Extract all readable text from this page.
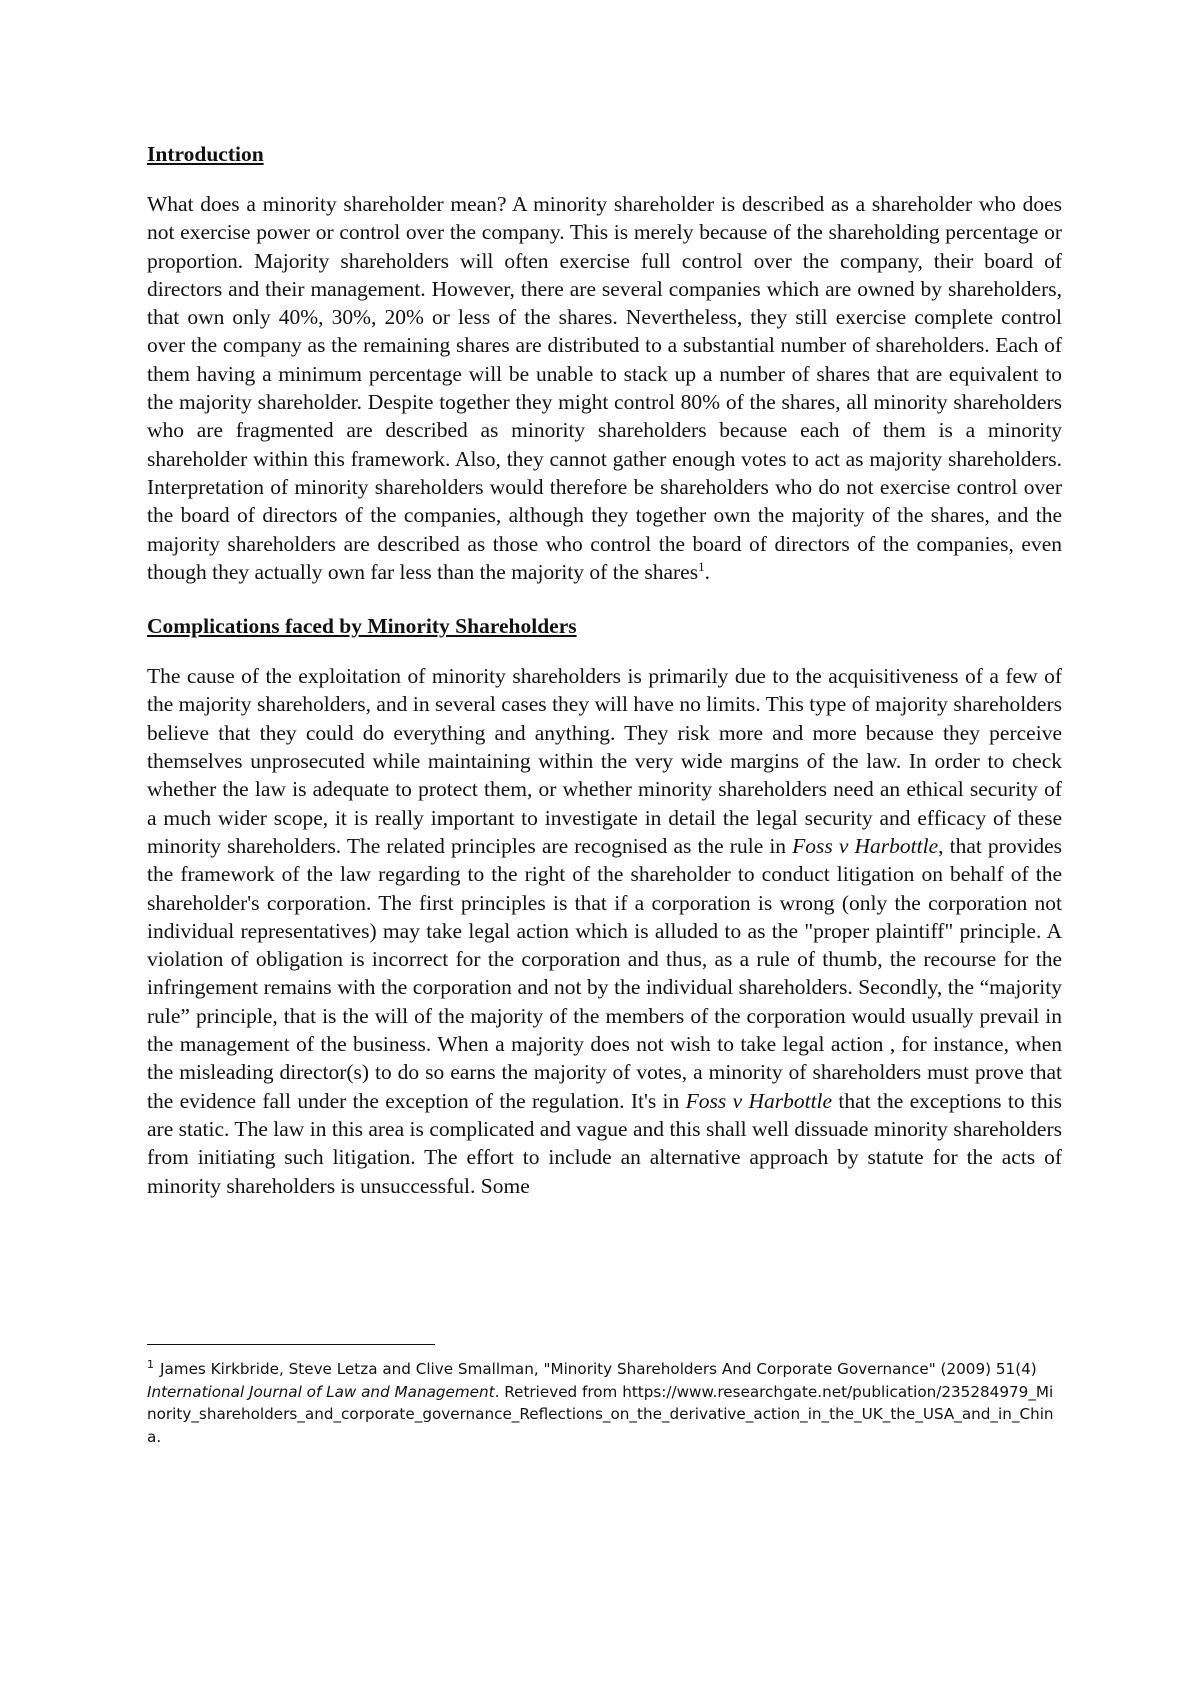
Introduction

What does a minority shareholder mean? A minority shareholder is described as a shareholder who does not exercise power or control over the company. This is merely because of the shareholding percentage or proportion. Majority shareholders will often exercise full control over the company, their board of directors and their management. However, there are several companies which are owned by shareholders, that own only 40%, 30%, 20% or less of the shares. Nevertheless, they still exercise complete control over the company as the remaining shares are distributed to a substantial number of shareholders. Each of them having a minimum percentage will be unable to stack up a number of shares that are equivalent to the majority shareholder. Despite together they might control 80% of the shares, all minority shareholders who are fragmented are described as minority shareholders because each of them is a minority shareholder within this framework. Also, they cannot gather enough votes to act as majority shareholders. Interpretation of minority shareholders would therefore be shareholders who do not exercise control over the board of directors of the companies, although they together own the majority of the shares, and the majority shareholders are described as those who control the board of directors of the companies, even though they actually own far less than the majority of the shares$^1$.

Complications faced by Minority Shareholders

The cause of the exploitation of minority shareholders is primarily due to the acquisitiveness of a few of the majority shareholders, and in several cases they will have no limits. This type of majority shareholders believe that they could do everything and anything. They risk more and more because they perceive themselves unprosecuted while maintaining within the very wide margins of the law. In order to check whether the law is adequate to protect them, or whether minority shareholders need an ethical security of a much wider scope, it is really important to investigate in detail the legal security and efficacy of these minority shareholders. The related principles are recognised as the rule in Foss v Harbottle, that provides the framework of the law regarding to the right of the shareholder to conduct litigation on behalf of the shareholder's corporation. The first principles is that if a corporation is wrong (only the corporation not individual representatives) may take legal action which is alluded to as the "proper plaintiff" principle. A violation of obligation is incorrect for the corporation and thus, as a rule of thumb, the recourse for the infringement remains with the corporation and not by the individual shareholders. Secondly, the “majority rule” principle, that is the will of the majority of the members of the corporation would usually prevail in the management of the business. When a majority does not wish to take legal action , for instance, when the misleading director(s) to do so earns the majority of votes, a minority of shareholders must prove that the evidence fall under the exception of the regulation. It's in Foss v Harbottle that the exceptions to this are static. The law in this area is complicated and vague and this shall well dissuade minority shareholders from initiating such litigation. The effort to include an alternative approach by statute for the acts of minority shareholders is unsuccessful. Some

$^1$ James Kirkbride, Steve Letza and Clive Smallman, "Minority Shareholders And Corporate Governance" (2009) 51(4) International Journal of Law and Management. Retrieved from https://www.researchgate.net/publication/235284979_Minority_shareholders_and_corporate_governance_Reflections_on_the_derivative_action_in_the_UK_the_USA_and_in_China.
